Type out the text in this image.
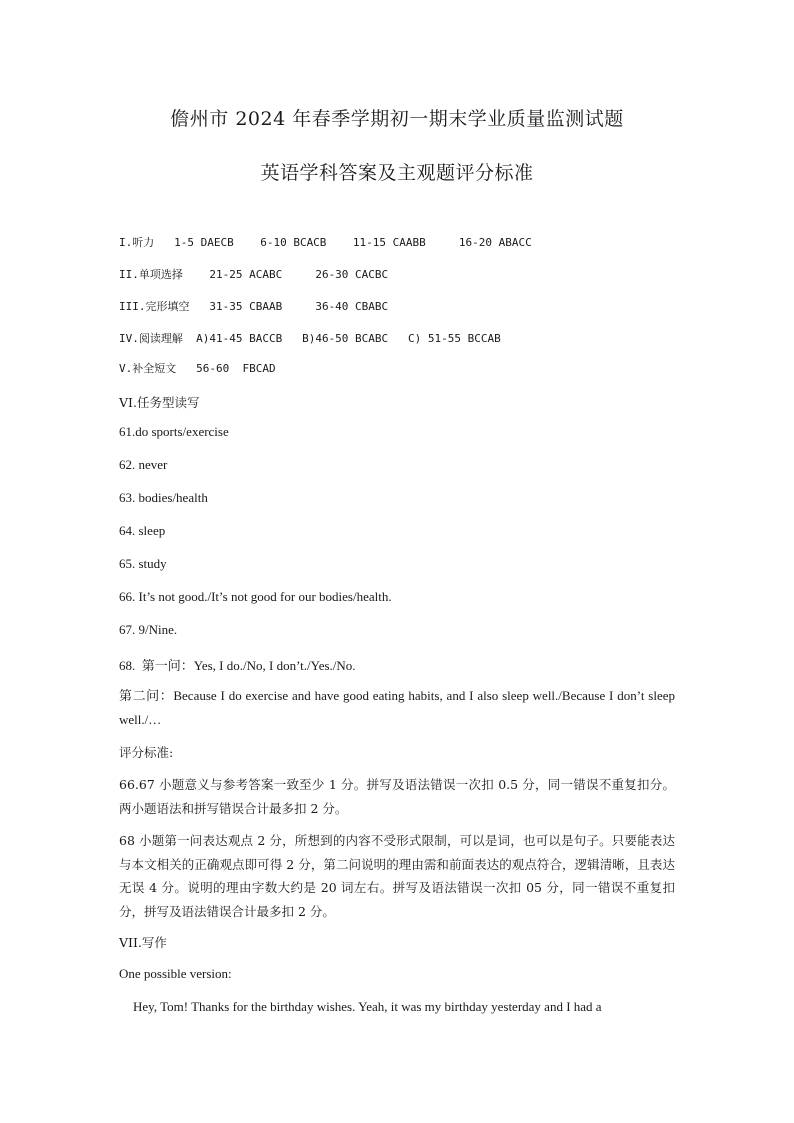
儋州市 2024 年春季学期初一期末学业质量监测试题
英语学科答案及主观题评分标准
I.听力   1-5 DAECB    6-10 BCACB    11-15 CAABB     16-20 ABACC
II.单项选择    21-25 ACABC     26-30 CACBC
III.完形填空   31-35 CBAAB     36-40 CBABC
IV.阅读理解  A)41-45 BACCB   B)46-50 BCABC   C) 51-55 BCCAB
V.补全短文   56-60  FBCAD
VI.任务型读写
61.do sports/exercise
62. never
63. bodies/health
64. sleep
65. study
66. It’s not good./It’s not good for our bodies/health.
67. 9/Nine.
68.  第一问：Yes, I do./No, I don’t./Yes./No.
第二问：Because I do exercise and have good eating habits, and I also sleep well./Because I don’t sleep well./…
评分标准:
66.67 小题意义与参考答案一致至少 1 分。拼写及语法错误一次扣 0.5 分，同一错误不重复扣分。两小题语法和拼写错误合计最多扣 2 分。
68 小题第一问表达观点 2 分，所想到的内容不受形式限制，可以是词，也可以是句子。只要能表达与本文相关的正确观点即可得 2 分，第二问说明的理由需和前面表达的观点符合，逻辑清晰，且表达无误 4 分。说明的理由字数大约是 20 词左右。拼写及语法错误一次扣 05 分，同一错误不重复扣分，拼写及语法错误合计最多扣 2 分。
VII.写作
One possible version:
Hey, Tom! Thanks for the birthday wishes. Yeah, it was my birthday yesterday and I had a
